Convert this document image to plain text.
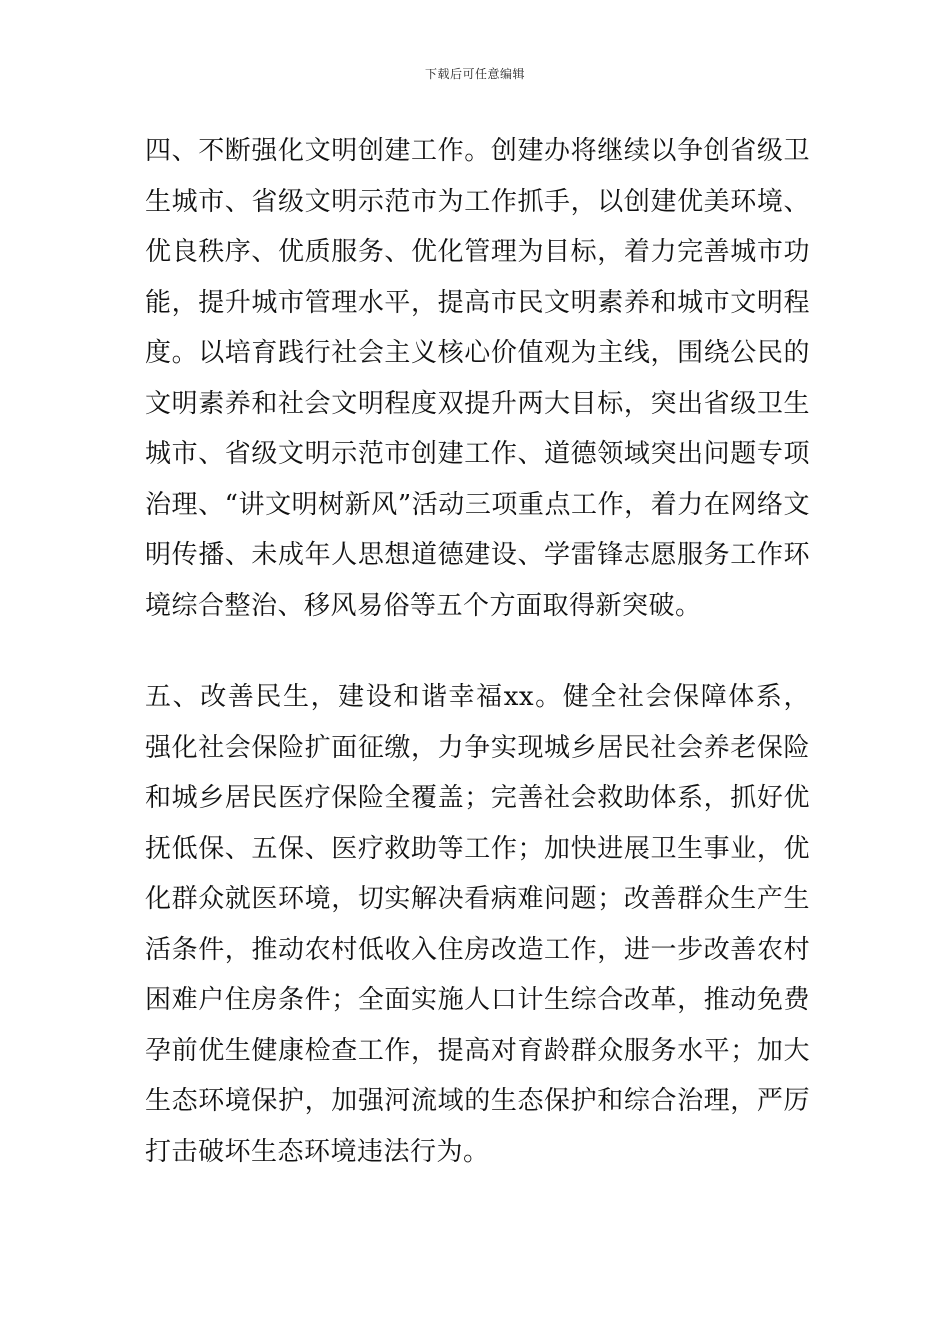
下载后可任意编辑

四、不断强化文明创建工作。创建办将继续以争创省级卫生城市、省级文明示范市为工作抓手，以创建优美环境、优良秩序、优质服务、优化管理为目标，着力完善城市功能，提升城市管理水平，提高市民文明素养和城市文明程度。以培育践行社会主义核心价值观为主线，围绕公民的文明素养和社会文明程度双提升两大目标，突出省级卫生城市、省级文明示范市创建工作、道德领域突出问题专项治理、“讲文明树新风”活动三项重点工作，着力在网络文明传播、未成年人思想道德建设、学雷锋志愿服务工作环境综合整治、移风易俗等五个方面取得新突破。

五、改善民生，建设和谐幸福xx。健全社会保障体系，强化社会保险扩面征缴，力争实现城乡居民社会养老保险和城乡居民医疗保险全覆盖；完善社会救助体系，抓好优抚低保、五保、医疗救助等工作；加快进展卫生事业，优化群众就医环境，切实解决看病难问题；改善群众生产生活条件，推动农村低收入住房改造工作，进一步改善农村困难户住房条件；全面实施人口计生综合改革，推动免费孕前优生健康检查工作，提高对育龄群众服务水平；加大生态环境保护，加强河流域的生态保护和综合治理，严厉打击破坏生态环境违法行为。
